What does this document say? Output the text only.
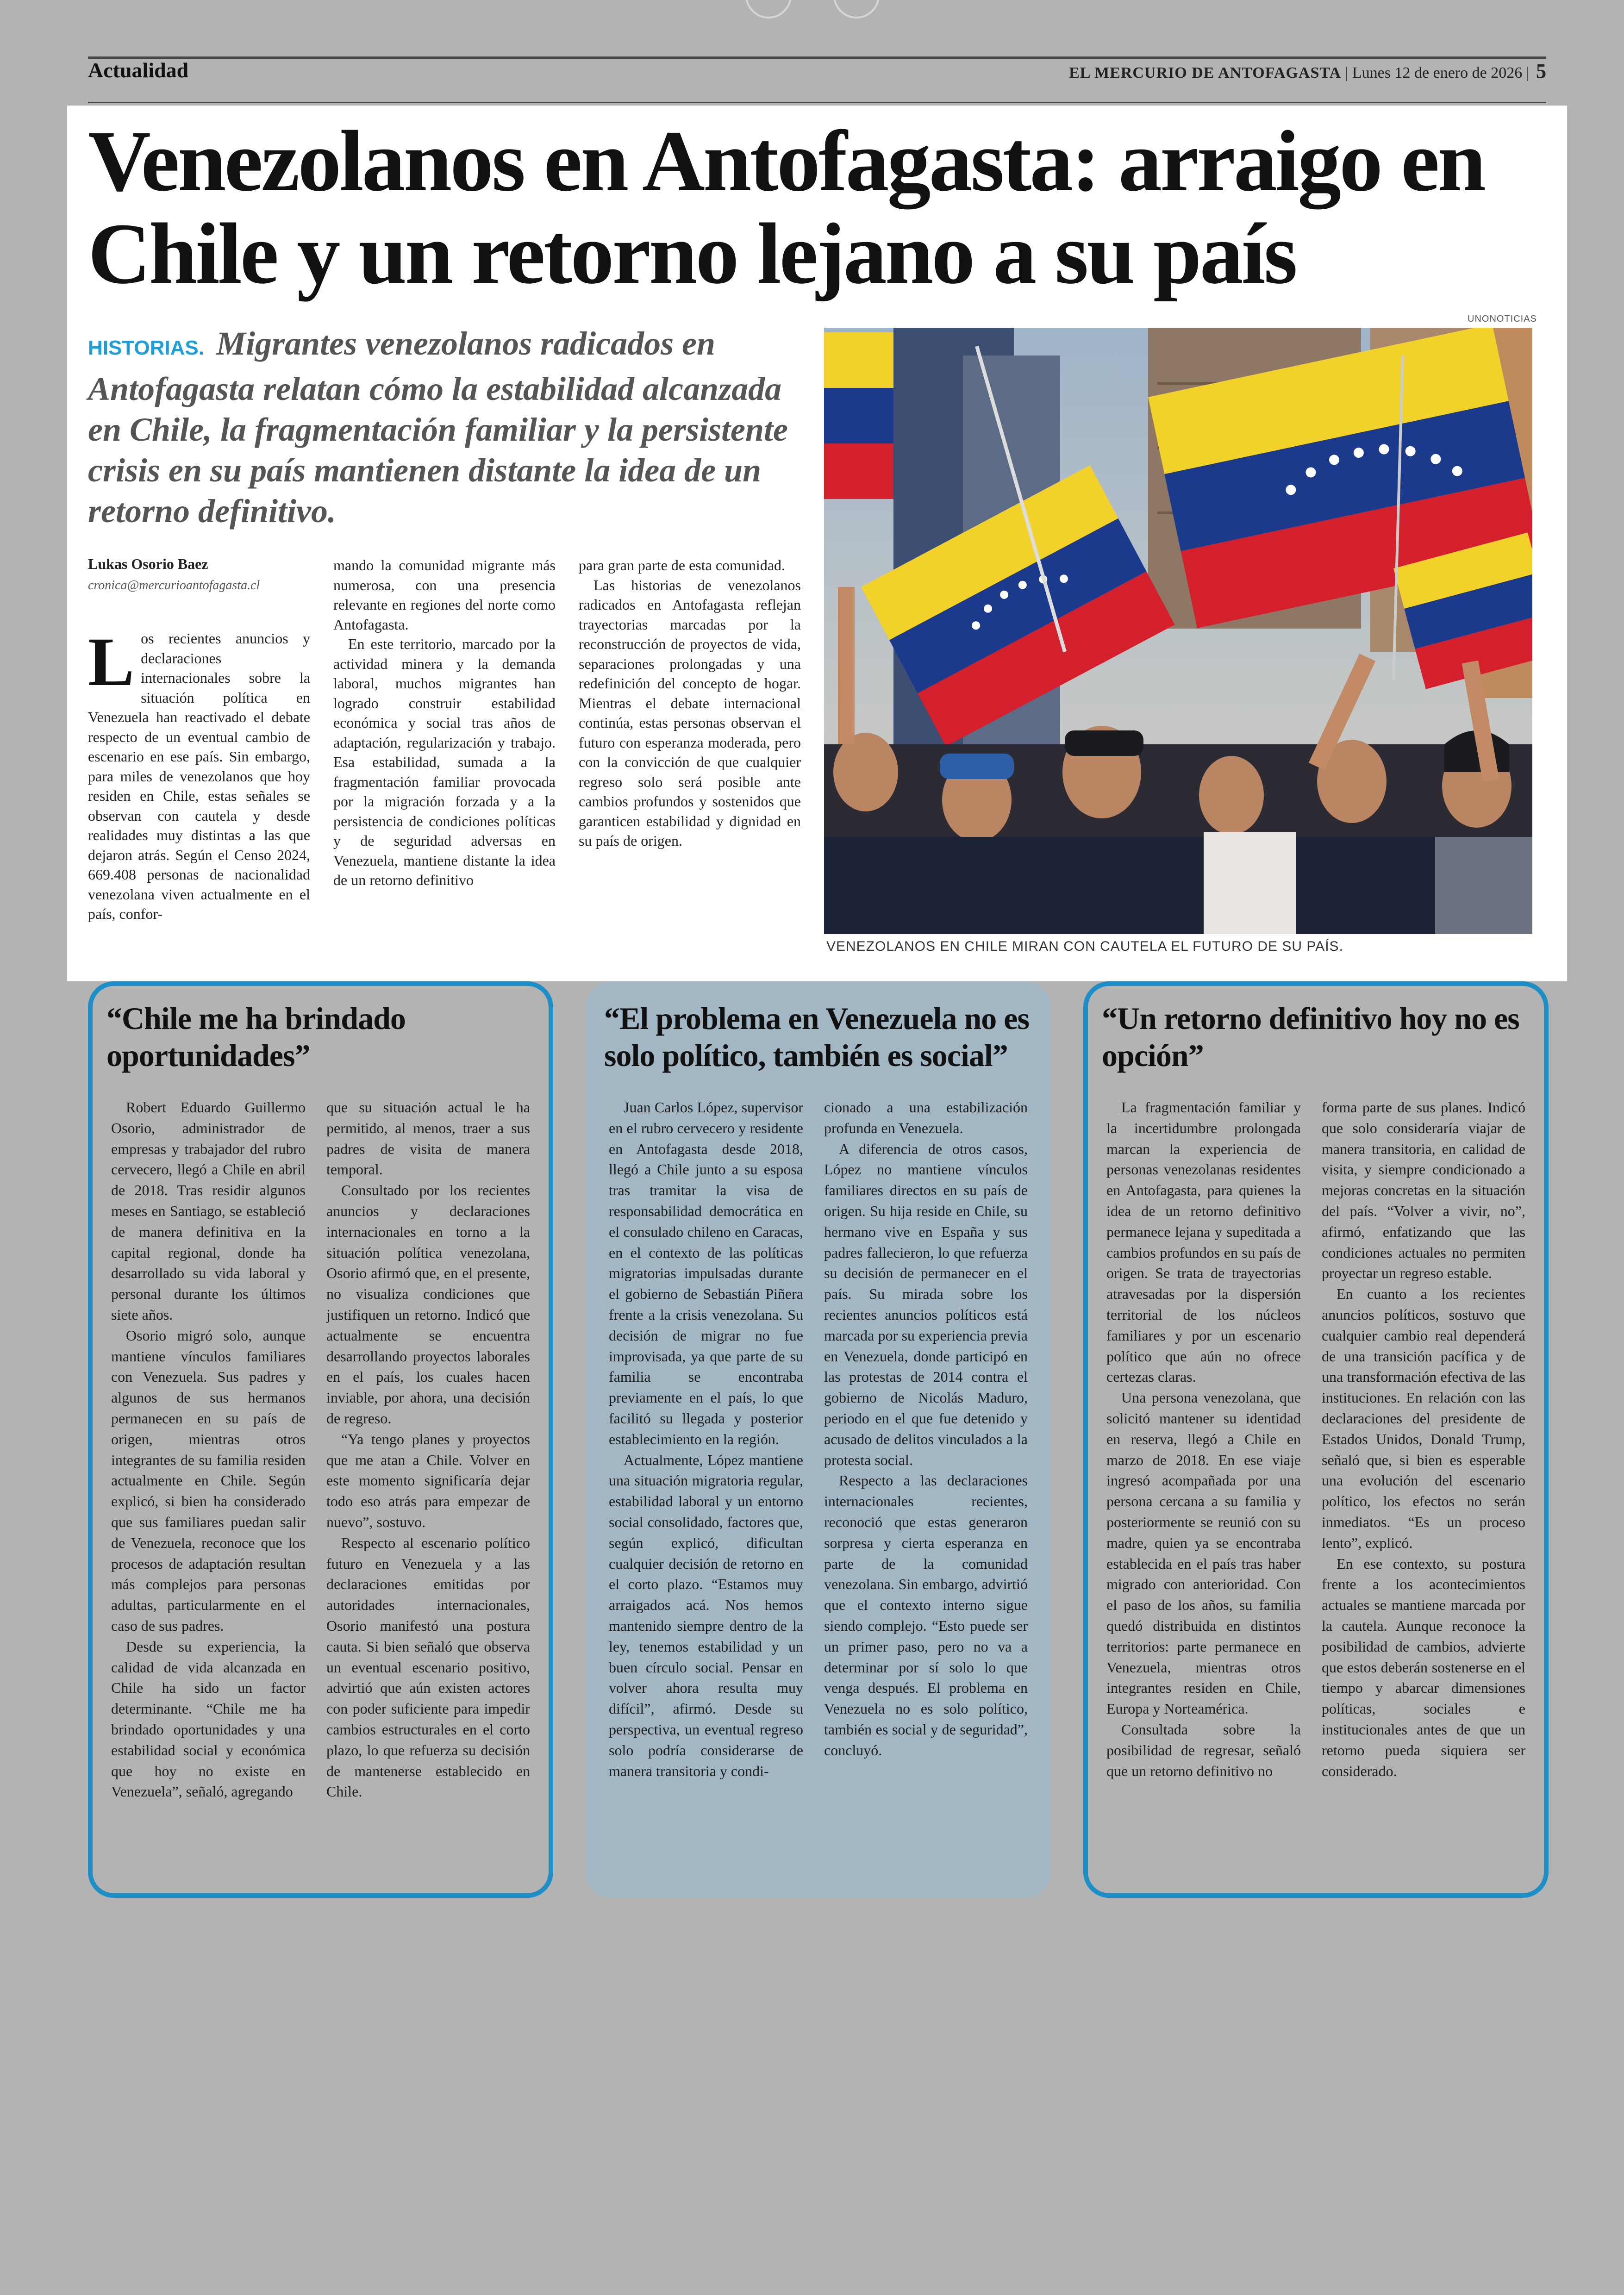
Actualidad	EL MERCURIO DE ANTOFAGASTA | Lunes 12 de enero de 2026 | 5
Venezolanos en Antofagasta: arraigo en Chile y un retorno lejano a su país
HISTORIAS. Migrantes venezolanos radicados en Antofagasta relatan cómo la estabilidad alcanzada en Chile, la fragmentación familiar y la persistente crisis en su país mantienen distante la idea de un retorno definitivo.
UNONOTICIAS
VENEZOLANOS EN CHILE MIRAN CON CAUTELA EL FUTURO DE SU PAÍS.
Lukas Osorio Baez
cronica@mercurioantofagasta.cl

Los recientes anuncios y declaraciones internacionales sobre la situación política en Venezuela han reactivado el debate respecto de un eventual cambio de escenario en ese país. Sin embargo, para miles de venezolanos que hoy residen en Chile, estas señales se observan con cautela y desde realidades muy distintas a las que dejaron atrás. Según el Censo 2024, 669.408 personas de nacionalidad venezolana viven actualmente en el país, confor-

mando la comunidad migrante más numerosa, con una presencia relevante en regiones del norte como Antofagasta.

En este territorio, marcado por la actividad minera y la demanda laboral, muchos migrantes han logrado construir estabilidad económica y social tras años de adaptación, regularización y trabajo. Esa estabilidad, sumada a la fragmentación familiar provocada por la migración forzada y a la persistencia de condiciones políticas y de seguridad adversas en Venezuela, mantiene distante la idea de un retorno definitivo

para gran parte de esta comunidad.

Las historias de venezolanos radicados en Antofagasta reflejan trayectorias marcadas por la reconstrucción de proyectos de vida, separaciones prolongadas y una redefinición del concepto de hogar. Mientras el debate internacional continúa, estas personas observan el futuro con esperanza moderada, pero con la convicción de que cualquier regreso solo será posible ante cambios profundos y sostenidos que garanticen estabilidad y dignidad en su país de origen.

“Chile me ha brindado oportunidades”

Robert Eduardo Guillermo Osorio, administrador de empresas y trabajador del rubro cervecero, llegó a Chile en abril de 2018. Tras residir algunos meses en Santiago, se estableció de manera definitiva en la capital regional, donde ha desarrollado su vida laboral y personal durante los últimos siete años.

Osorio migró solo, aunque mantiene vínculos familiares con Venezuela. Sus padres y algunos de sus hermanos permanecen en su país de origen, mientras otros integrantes de su familia residen actualmente en Chile. Según explicó, si bien ha considerado que sus familiares puedan salir de Venezuela, reconoce que los procesos de adaptación resultan más complejos para personas adultas, particularmente en el caso de sus padres.

Desde su experiencia, la calidad de vida alcanzada en Chile ha sido un factor determinante. “Chile me ha brindado oportunidades y una estabilidad social y económica que hoy no existe en Venezuela”, señaló, agregando

que su situación actual le ha permitido, al menos, traer a sus padres de visita de manera temporal.

Consultado por los recientes anuncios y declaraciones internacionales en torno a la situación política venezolana, Osorio afirmó que, en el presente, no visualiza condiciones que justifiquen un retorno. Indicó que actualmente se encuentra desarrollando proyectos laborales en el país, los cuales hacen inviable, por ahora, una decisión de regreso.

“Ya tengo planes y proyectos que me atan a Chile. Volver en este momento significaría dejar todo eso atrás para empezar de nuevo”, sostuvo.

Respecto al escenario político futuro en Venezuela y a las declaraciones emitidas por autoridades internacionales, Osorio manifestó una postura cauta. Si bien señaló que observa un eventual escenario positivo, advirtió que aún existen actores con poder suficiente para impedir cambios estructurales en el corto plazo, lo que refuerza su decisión de mantenerse establecido en Chile.

“El problema en Venezuela no es solo político, también es social”

Juan Carlos López, supervisor en el rubro cervecero y residente en Antofagasta desde 2018, llegó a Chile junto a su esposa tras tramitar la visa de responsabilidad democrática en el consulado chileno en Caracas, en el contexto de las políticas migratorias impulsadas durante el gobierno de Sebastián Piñera frente a la crisis venezolana. Su decisión de migrar no fue improvisada, ya que parte de su familia se encontraba previamente en el país, lo que facilitó su llegada y posterior establecimiento en la región.

Actualmente, López mantiene una situación migratoria regular, estabilidad laboral y un entorno social consolidado, factores que, según explicó, dificultan cualquier decisión de retorno en el corto plazo. “Estamos muy arraigados acá. Nos hemos mantenido siempre dentro de la ley, tenemos estabilidad y un buen círculo social. Pensar en volver ahora resulta muy difícil”, afirmó. Desde su perspectiva, un eventual regreso solo podría considerarse de manera transitoria y condi-

cionado a una estabilización profunda en Venezuela.

A diferencia de otros casos, López no mantiene vínculos familiares directos en su país de origen. Su hija reside en Chile, su hermano vive en España y sus padres fallecieron, lo que refuerza su decisión de permanecer en el país. Su mirada sobre los recientes anuncios políticos está marcada por su experiencia previa en Venezuela, donde participó en las protestas de 2014 contra el gobierno de Nicolás Maduro, periodo en el que fue detenido y acusado de delitos vinculados a la protesta social.

Respecto a las declaraciones internacionales recientes, reconoció que estas generaron sorpresa y cierta esperanza en parte de la comunidad venezolana. Sin embargo, advirtió que el contexto interno sigue siendo complejo. “Esto puede ser un primer paso, pero no va a determinar por sí solo lo que venga después. El problema en Venezuela no es solo político, también es social y de seguridad”, concluyó.

“Un retorno definitivo hoy no es opción”

La fragmentación familiar y la incertidumbre prolongada marcan la experiencia de personas venezolanas residentes en Antofagasta, para quienes la idea de un retorno definitivo permanece lejana y supeditada a cambios profundos en su país de origen. Se trata de trayectorias atravesadas por la dispersión territorial de los núcleos familiares y por un escenario político que aún no ofrece certezas claras.

Una persona venezolana, que solicitó mantener su identidad en reserva, llegó a Chile en marzo de 2018. En ese viaje ingresó acompañada por una persona cercana a su familia y posteriormente se reunió con su madre, quien ya se encontraba establecida en el país tras haber migrado con anterioridad. Con el paso de los años, su familia quedó distribuida en distintos territorios: parte permanece en Venezuela, mientras otros integrantes residen en Chile, Europa y Norteamérica.

Consultada sobre la posibilidad de regresar, señaló que un retorno definitivo no

forma parte de sus planes. Indicó que solo consideraría viajar de manera transitoria, en calidad de visita, y siempre condicionado a mejoras concretas en la situación del país. “Volver a vivir, no”, afirmó, enfatizando que las condiciones actuales no permiten proyectar un regreso estable.

En cuanto a los recientes anuncios políticos, sostuvo que cualquier cambio real dependerá de una transición pacífica y de una transformación efectiva de las instituciones. En relación con las declaraciones del presidente de Estados Unidos, Donald Trump, señaló que, si bien es esperable una evolución del escenario político, los efectos no serán inmediatos. “Es un proceso lento”, explicó.

En ese contexto, su postura frente a los acontecimientos actuales se mantiene marcada por la cautela. Aunque reconoce la posibilidad de cambios, advierte que estos deberán sostenerse en el tiempo y abarcar dimensiones políticas, sociales e institucionales antes de que un retorno pueda siquiera ser considerado.
